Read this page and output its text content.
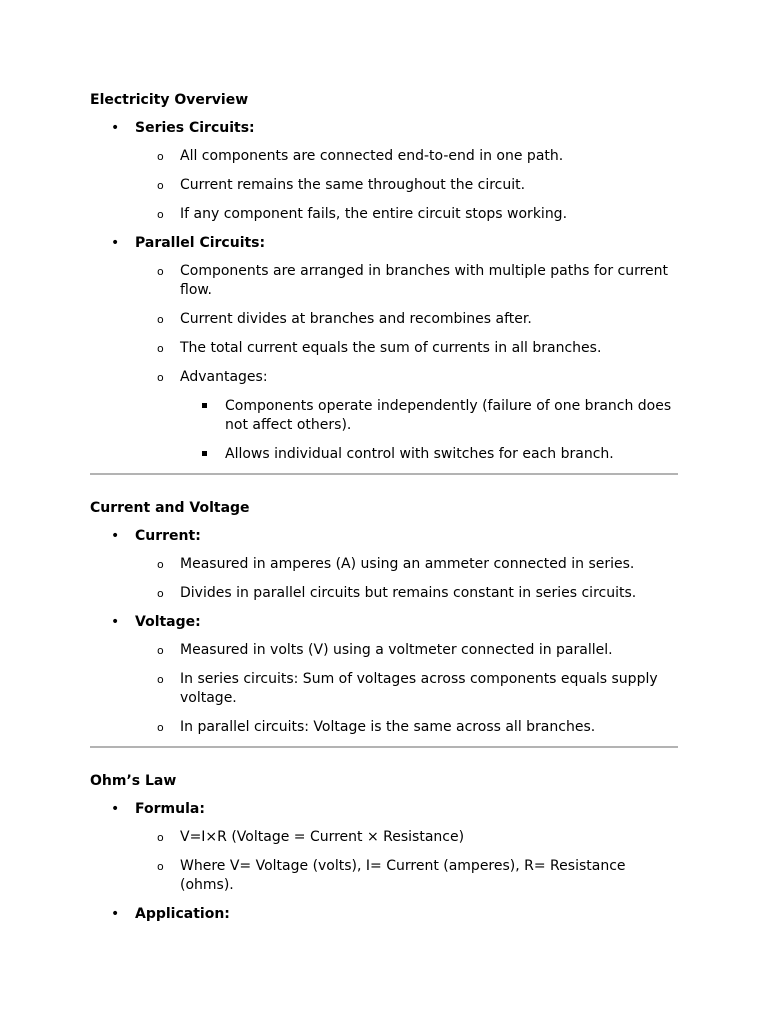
Electricity Overview
• Series Circuits:
o All components are connected end-to-end in one path.
o Current remains the same throughout the circuit.
o If any component fails, the entire circuit stops working.
• Parallel Circuits:
o Components are arranged in branches with multiple paths for current flow.
o Current divides at branches and recombines after.
o The total current equals the sum of currents in all branches.
o Advantages:
Components operate independently (failure of one branch does not affect others).
Allows individual control with switches for each branch.
Current and Voltage
• Current:
o Measured in amperes (A) using an ammeter connected in series.
o Divides in parallel circuits but remains constant in series circuits.
• Voltage:
o Measured in volts (V) using a voltmeter connected in parallel.
o In series circuits: Sum of voltages across components equals supply voltage.
o In parallel circuits: Voltage is the same across all branches.
Ohm’s Law
• Formula:
o V=I×R (Voltage = Current × Resistance)
o Where V= Voltage (volts), I= Current (amperes), R= Resistance (ohms).
• Application:
